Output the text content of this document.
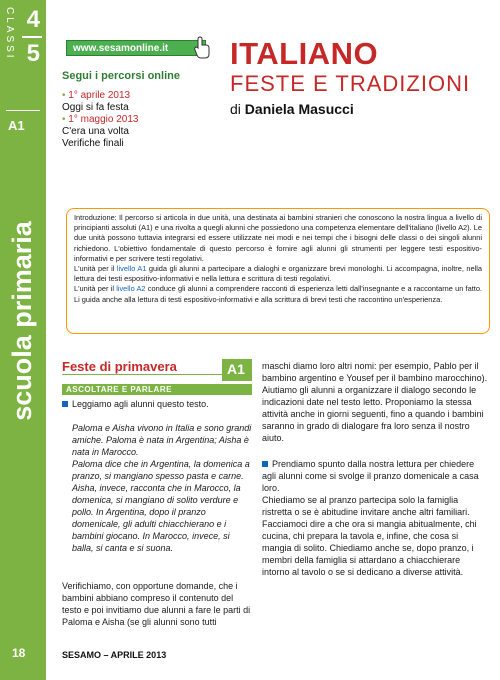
CLASSI 4
5
A1
scuola primaria
18
www.sesamonline.it
Segui i percorsi online
• 1° aprile 2013
Oggi si fa festa
• 1° maggio 2013
C'era una volta
Verifiche finali
ITALIANO
FESTE E TRADIZIONI
di Daniela Masucci

Introduzione: Il percorso si articola in due unità, una destinata ai bambini stranieri che conoscono la nostra lingua a livello di principianti assoluti (A1) e una rivolta a quegli alunni che possiedono una competenza elementare dell'italiano (livello A2). Le due unità possono tuttavia integrarsi ed essere utilizzate nei modi e nei tempi che i bisogni delle classi o dei singoli alunni richiedono. L'obiettivo fondamentale di questo percorso è fornire agli alunni gli strumenti per leggere testi espositivo-informativi e per scrivere testi regolativi.

L'unità per il livello A1 guida gli alunni a partecipare a dialoghi e organizzare brevi monologhi. Li accompagna, inoltre, nella lettura dei testi espositivo-informativi e nella lettura e scrittura di testi regolativi.

L'unità per il livello A2 conduce gli alunni a comprendere racconti di esperienza letti dall'insegnante e a raccontarne un fatto. Li guida anche alla lettura di testi espositivo-informativi e alla scrittura di brevi testi che raccontino un'esperienza.

Feste di primavera	A1
ASCOLTARE E PARLARE
Leggiamo agli alunni questo testo.

Paloma e Aisha vivono in Italia e sono grandi amiche. Paloma è nata in Argentina; Aisha è nata in Marocco.

Paloma dice che in Argentina, la domenica a pranzo, si mangiano spesso pasta e carne. Aisha, invece, racconta che in Marocco, la domenica, si mangiano di solito verdure e pollo. In Argentina, dopo il pranzo domenicale, gli adulti chiacchierano e i bambini giocano. In Marocco, invece, si balla, si canta e si suona.

Verifichiamo, con opportune domande, che i bambini abbiano compreso il contenuto del testo e poi invitiamo due alunni a fare le parti di Paloma e Aisha (se gli alunni sono tutti

maschi diamo loro altri nomi: per esempio, Pablo per il bambino argentino e Yousef per il bambino marocchino).

Aiutiamo gli alunni a organizzare il dialogo secondo le indicazioni date nel testo letto. Proponiamo la stessa attività anche in giorni seguenti, fino a quando i bambini saranno in grado di dialogare fra loro senza il nostro aiuto.

Prendiamo spunto dalla nostra lettura per chiedere agli alunni come si svolge il pranzo domenicale a casa loro.

Chiediamo se al pranzo partecipa solo la famiglia ristretta o se è abitudine invitare anche altri familiari. Facciamoci dire a che ora si mangia abitualmente, chi cucina, chi prepara la tavola e, infine, che cosa si mangia di solito. Chiediamo anche se, dopo pranzo, i membri della famiglia si attardano a chiacchierare intorno al tavolo o se si dedicano a diverse attività.

SESAMO – APRILE 2013
